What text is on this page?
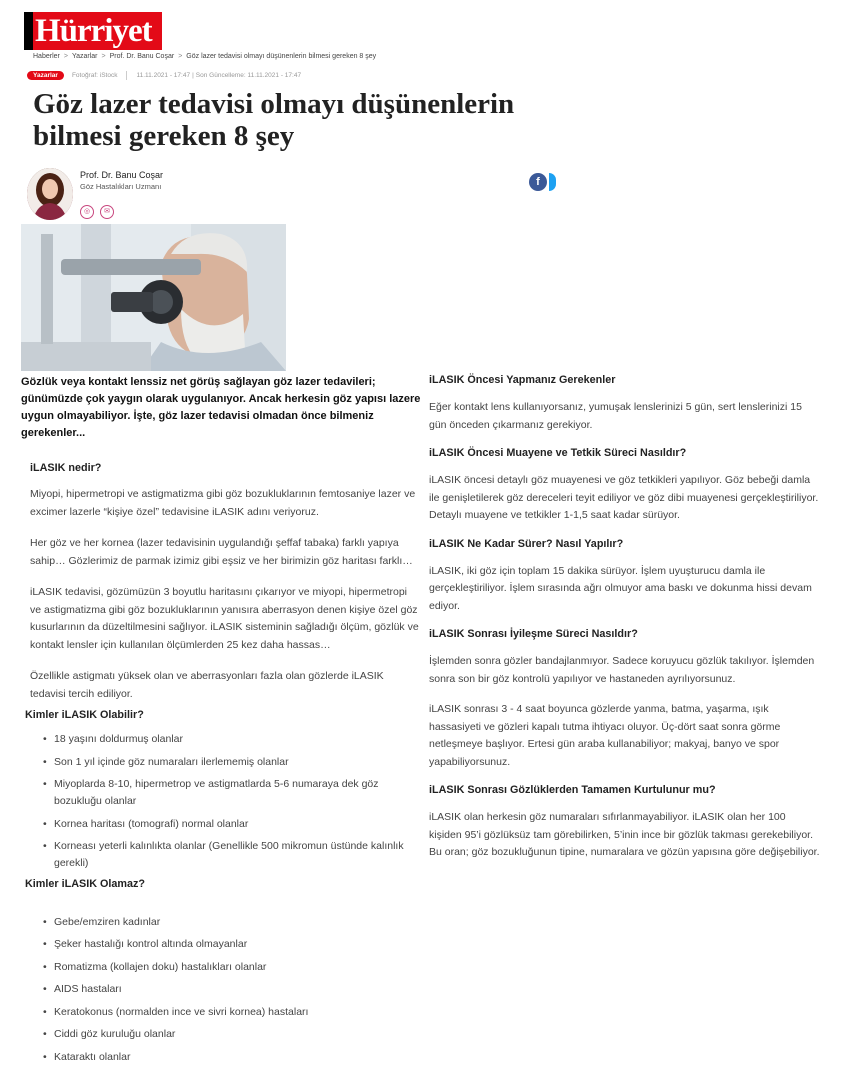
Hürriyet
Haberler > Yazarlar > Prof. Dr. Banu Coşar > Göz lazer tedavisi olmayı düşünenlerin bilmesi gereken 8 şey
Yazarlar	Fotoğraf: iStock	11.11.2021 - 17:47 | Son Güncelleme: 11.11.2021 - 17:47
Göz lazer tedavisi olmayı düşünenlerin bilmesi gereken 8 şey
Prof. Dr. Banu Coşar
Göz Hastalıkları Uzmanı
◎	✉
f

Gözlük veya kontakt lenssiz net görüş sağlayan göz lazer tedavileri; günümüzde çok yaygın olarak uygulanıyor. Ancak herkesin göz yapısı lazere uygun olmayabiliyor. İşte, göz lazer tedavisi olmadan önce bilmeniz gerekenler...

iLASIK nedir?

Miyopi, hipermetropi ve astigmatizma gibi göz bozukluklarının femtosaniye lazer ve excimer lazerle “kişiye özel” tedavisine iLASIK adını veriyoruz.

Her göz ve her kornea (lazer tedavisinin uygulandığı şeffaf tabaka) farklı yapıya sahip… Gözlerimiz de parmak izimiz gibi eşsiz ve her birimizin göz haritası farklı…

iLASIK tedavisi, gözümüzün 3 boyutlu haritasını çıkarıyor ve miyopi, hipermetropi ve astigmatizma gibi göz bozukluklarının yanısıra aberrasyon denen kişiye özel göz kusurlarının da düzeltilmesini sağlıyor. iLASIK sisteminin sağladığı ölçüm, gözlük ve kontakt lensler için kullanılan ölçümlerden 25 kez daha hassas…

Özellikle astigmatı yüksek olan ve aberrasyonları fazla olan gözlerde iLASIK tedavisi tercih ediliyor.

Kimler iLASIK Olabilir?
• 18 yaşını doldurmuş olanlar
• Son 1 yıl içinde göz numaraları ilerlememiş olanlar
• Miyoplarda 8-10, hipermetrop ve astigmatlarda 5-6 numaraya dek göz bozukluğu olanlar
• Kornea haritası (tomografi) normal olanlar
• Korneası yeterli kalınlıkta olanlar (Genellikle 500 mikromun üstünde kalınlık gerekli)
Kimler iLASIK Olamaz?
• Gebe/emziren kadınlar
• Şeker hastalığı kontrol altında olmayanlar
• Romatizma (kollajen doku) hastalıkları olanlar
• AIDS hastaları
• Keratokonus (normalden ince ve sivri kornea) hastaları
• Ciddi göz kuruluğu olanlar
• Kataraktı olanlar
iLASIK Öncesi Yapmanız Gerekenler

Eğer kontakt lens kullanıyorsanız, yumuşak lenslerinizi 5 gün, sert lenslerinizi 15 gün önceden çıkarmanız gerekiyor.

iLASIK Öncesi Muayene ve Tetkik Süreci Nasıldır?

iLASIK öncesi detaylı göz muayenesi ve göz tetkikleri yapılıyor. Göz bebeği damla ile genişletilerek göz dereceleri teyit ediliyor ve göz dibi muayenesi gerçekleştiriliyor. Detaylı muayene ve tetkikler 1-1,5 saat kadar sürüyor.

iLASIK Ne Kadar Sürer? Nasıl Yapılır?

iLASIK, iki göz için toplam 15 dakika sürüyor. İşlem uyuşturucu damla ile gerçekleştiriliyor. İşlem sırasında ağrı olmuyor ama baskı ve dokunma hissi devam ediyor.

iLASIK Sonrası İyileşme Süreci Nasıldır?

İşlemden sonra gözler bandajlanmıyor. Sadece koruyucu gözlük takılıyor. İşlemden sonra son bir göz kontrolü yapılıyor ve hastaneden ayrılıyorsunuz.

iLASIK sonrası 3 - 4 saat boyunca gözlerde yanma, batma, yaşarma, ışık hassasiyeti ve gözleri kapalı tutma ihtiyacı oluyor. Üç-dört saat sonra görme netleşmeye başlıyor. Ertesi gün araba kullanabiliyor; makyaj, banyo ve spor yapabiliyorsunuz.

iLASIK Sonrası Gözlüklerden Tamamen Kurtulunur mu?

iLASIK olan herkesin göz numaraları sıfırlanmayabiliyor. iLASIK olan her 100 kişiden 95’i gözlüksüz tam görebilirken, 5’inin ince bir gözlük takması gerekebiliyor. Bu oran; göz bozukluğunun tipine, numaralara ve gözün yapısına göre değişebiliyor.
